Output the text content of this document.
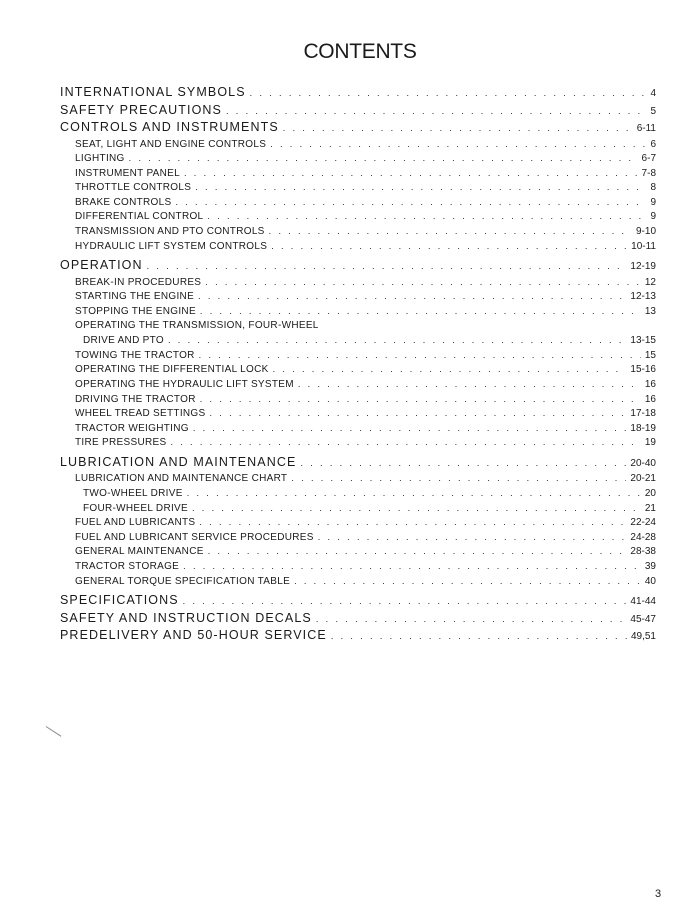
CONTENTS
INTERNATIONAL SYMBOLS . . .	4
SAFETY PRECAUTIONS . . .	5
CONTROLS AND INSTRUMENTS . . .	6-11
SEAT, LIGHT AND ENGINE CONTROLS . . .	6
LIGHTING . . .	6-7
INSTRUMENT PANEL . . .	7-8
THROTTLE CONTROLS . . .	8
BRAKE CONTROLS . . .	9
DIFFERENTIAL CONTROL . . .	9
TRANSMISSION AND PTO CONTROLS . . .	9-10
HYDRAULIC LIFT SYSTEM CONTROLS . . .	10-11
OPERATION . . .	12-19
BREAK-IN PROCEDURES . . .	12
STARTING THE ENGINE . . .	12-13
STOPPING THE ENGINE . . .	13
OPERATING THE TRANSMISSION, FOUR-WHEEL
DRIVE AND PTO . . .	13-15
TOWING THE TRACTOR . . .	15
OPERATING THE DIFFERENTIAL LOCK . . .	15-16
OPERATING THE HYDRAULIC LIFT SYSTEM . . .	16
DRIVING THE TRACTOR . . .	16
WHEEL TREAD SETTINGS . . .	17-18
TRACTOR WEIGHTING . . .	18-19
TIRE PRESSURES . . .	19
LUBRICATION AND MAINTENANCE . . .	20-40
LUBRICATION AND MAINTENANCE CHART . . .	20-21
TWO-WHEEL DRIVE . . .	20
FOUR-WHEEL DRIVE . . .	21
FUEL AND LUBRICANTS . . .	22-24
FUEL AND LUBRICANT SERVICE PROCEDURES . . .	24-28
GENERAL MAINTENANCE . . .	28-38
TRACTOR STORAGE . . .	39
GENERAL TORQUE SPECIFICATION TABLE . . .	40
SPECIFICATIONS . . .	41-44
SAFETY AND INSTRUCTION DECALS . . .	45-47
PREDELIVERY AND 50-HOUR SERVICE . . .	49,51
3
